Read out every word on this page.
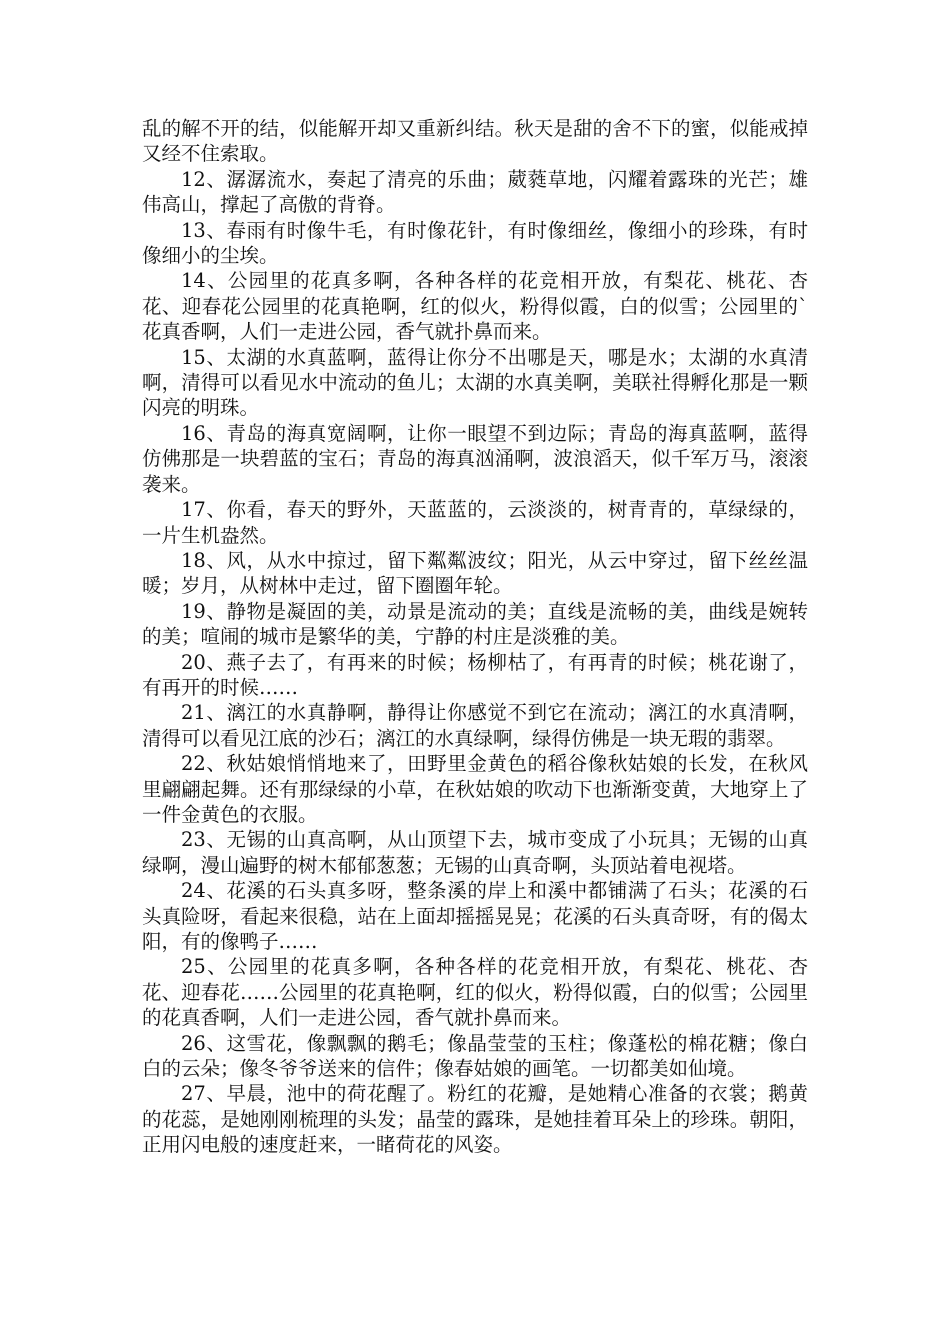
乱的解不开的结，似能解开却又重新纠结。秋天是甜的舍不下的蜜，似能戒掉又经不住索取。

12、潺潺流水，奏起了清亮的乐曲；葳蕤草地，闪耀着露珠的光芒；雄伟高山，撑起了高傲的背脊。

13、春雨有时像牛毛，有时像花针，有时像细丝，像细小的珍珠，有时像细小的尘埃。

14、公园里的花真多啊，各种各样的花竞相开放，有梨花、桃花、杏花、迎春花公园里的花真艳啊，红的似火，粉得似霞，白的似雪；公园里的`花真香啊，人们一走进公园，香气就扑鼻而来。

15、太湖的水真蓝啊，蓝得让你分不出哪是天，哪是水；太湖的水真清啊，清得可以看见水中流动的鱼儿；太湖的水真美啊，美联社得孵化那是一颗闪亮的明珠。

16、青岛的海真宽阔啊，让你一眼望不到边际；青岛的海真蓝啊，蓝得仿佛那是一块碧蓝的宝石；青岛的海真汹涌啊，波浪滔天，似千军万马，滚滚袭来。

17、你看，春天的野外，天蓝蓝的，云淡淡的，树青青的，草绿绿的，一片生机盎然。

18、风，从水中掠过，留下粼粼波纹；阳光，从云中穿过，留下丝丝温暖；岁月，从树林中走过，留下圈圈年轮。

19、静物是凝固的美，动景是流动的美；直线是流畅的美，曲线是婉转的美；喧闹的城市是繁华的美，宁静的村庄是淡雅的美。

20、燕子去了，有再来的时候；杨柳枯了，有再青的时候；桃花谢了，有再开的时候……

21、漓江的水真静啊，静得让你感觉不到它在流动；漓江的水真清啊，清得可以看见江底的沙石；漓江的水真绿啊，绿得仿佛是一块无瑕的翡翠。

22、秋姑娘悄悄地来了，田野里金黄色的稻谷像秋姑娘的长发，在秋风里翩翩起舞。还有那绿绿的小草，在秋姑娘的吹动下也渐渐变黄，大地穿上了一件金黄色的衣服。

23、无锡的山真高啊，从山顶望下去，城市变成了小玩具；无锡的山真绿啊，漫山遍野的树木郁郁葱葱；无锡的山真奇啊，头顶站着电视塔。

24、花溪的石头真多呀，整条溪的岸上和溪中都铺满了石头；花溪的石头真险呀，看起来很稳，站在上面却摇摇晃晃；花溪的石头真奇呀，有的偈太阳，有的像鸭子……

25、公园里的花真多啊，各种各样的花竞相开放，有梨花、桃花、杏花、迎春花……公园里的花真艳啊，红的似火，粉得似霞，白的似雪；公园里的花真香啊，人们一走进公园，香气就扑鼻而来。

26、这雪花，像飘飘的鹅毛；像晶莹莹的玉柱；像蓬松的棉花糖；像白白的云朵；像冬爷爷送来的信件；像春姑娘的画笔。一切都美如仙境。

27、早晨，池中的荷花醒了。粉红的花瓣，是她精心准备的衣裳；鹅黄的花蕊，是她刚刚梳理的头发；晶莹的露珠，是她挂着耳朵上的珍珠。朝阳，正用闪电般的速度赶来，一睹荷花的风姿。
